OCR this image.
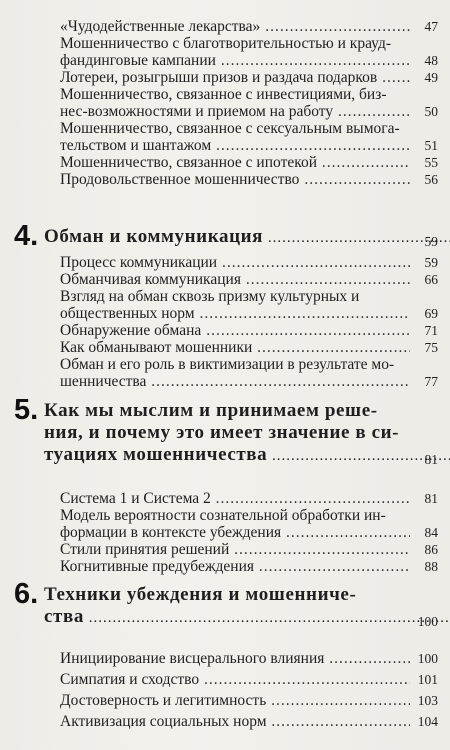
«Чудодейственные лекарства» .....	47
Мошенничество с благотворительностью и крауд-
фандинговые кампании .....	48
Лотереи, розыгрыши призов и раздача подарков .....	49
Мошенничество, связанное с инвестициями, биз-
нес-возможностями и приемом на работу .....	50
Мошенничество, связанное с сексуальным вымога-
тельством и шантажом .....	51
Мошенничество, связанное с ипотекой .....	55
Продовольственное мошенничество .....	56
4. Обман и коммуникация .....	59
Процесс коммуникации .....	59
Обманчивая коммуникация .....	66
Взгляд на обман сквозь призму культурных и
общественных норм .....	69
Обнаружение обмана .....	71
Как обманывают мошенники .....	75
Обман и его роль в виктимизации в результате мо-
шенничества .....	77
5. Как мы мыслим и принимаем реше-
ния, и почему это имеет значение в си-
туациях мошенничества .....	81
Система 1 и Система 2 .....	81
Модель вероятности сознательной обработки ин-
формации в контексте убеждения .....	84
Стили принятия решений .....	86
Когнитивные предубеждения .....	88
6. Техники убеждения и мошенниче-
ства .....	100
Инициирование висцерального влияния .....	100
Симпатия и сходство .....	101
Достоверность и легитимность .....	103
Активизация социальных норм .....	104
